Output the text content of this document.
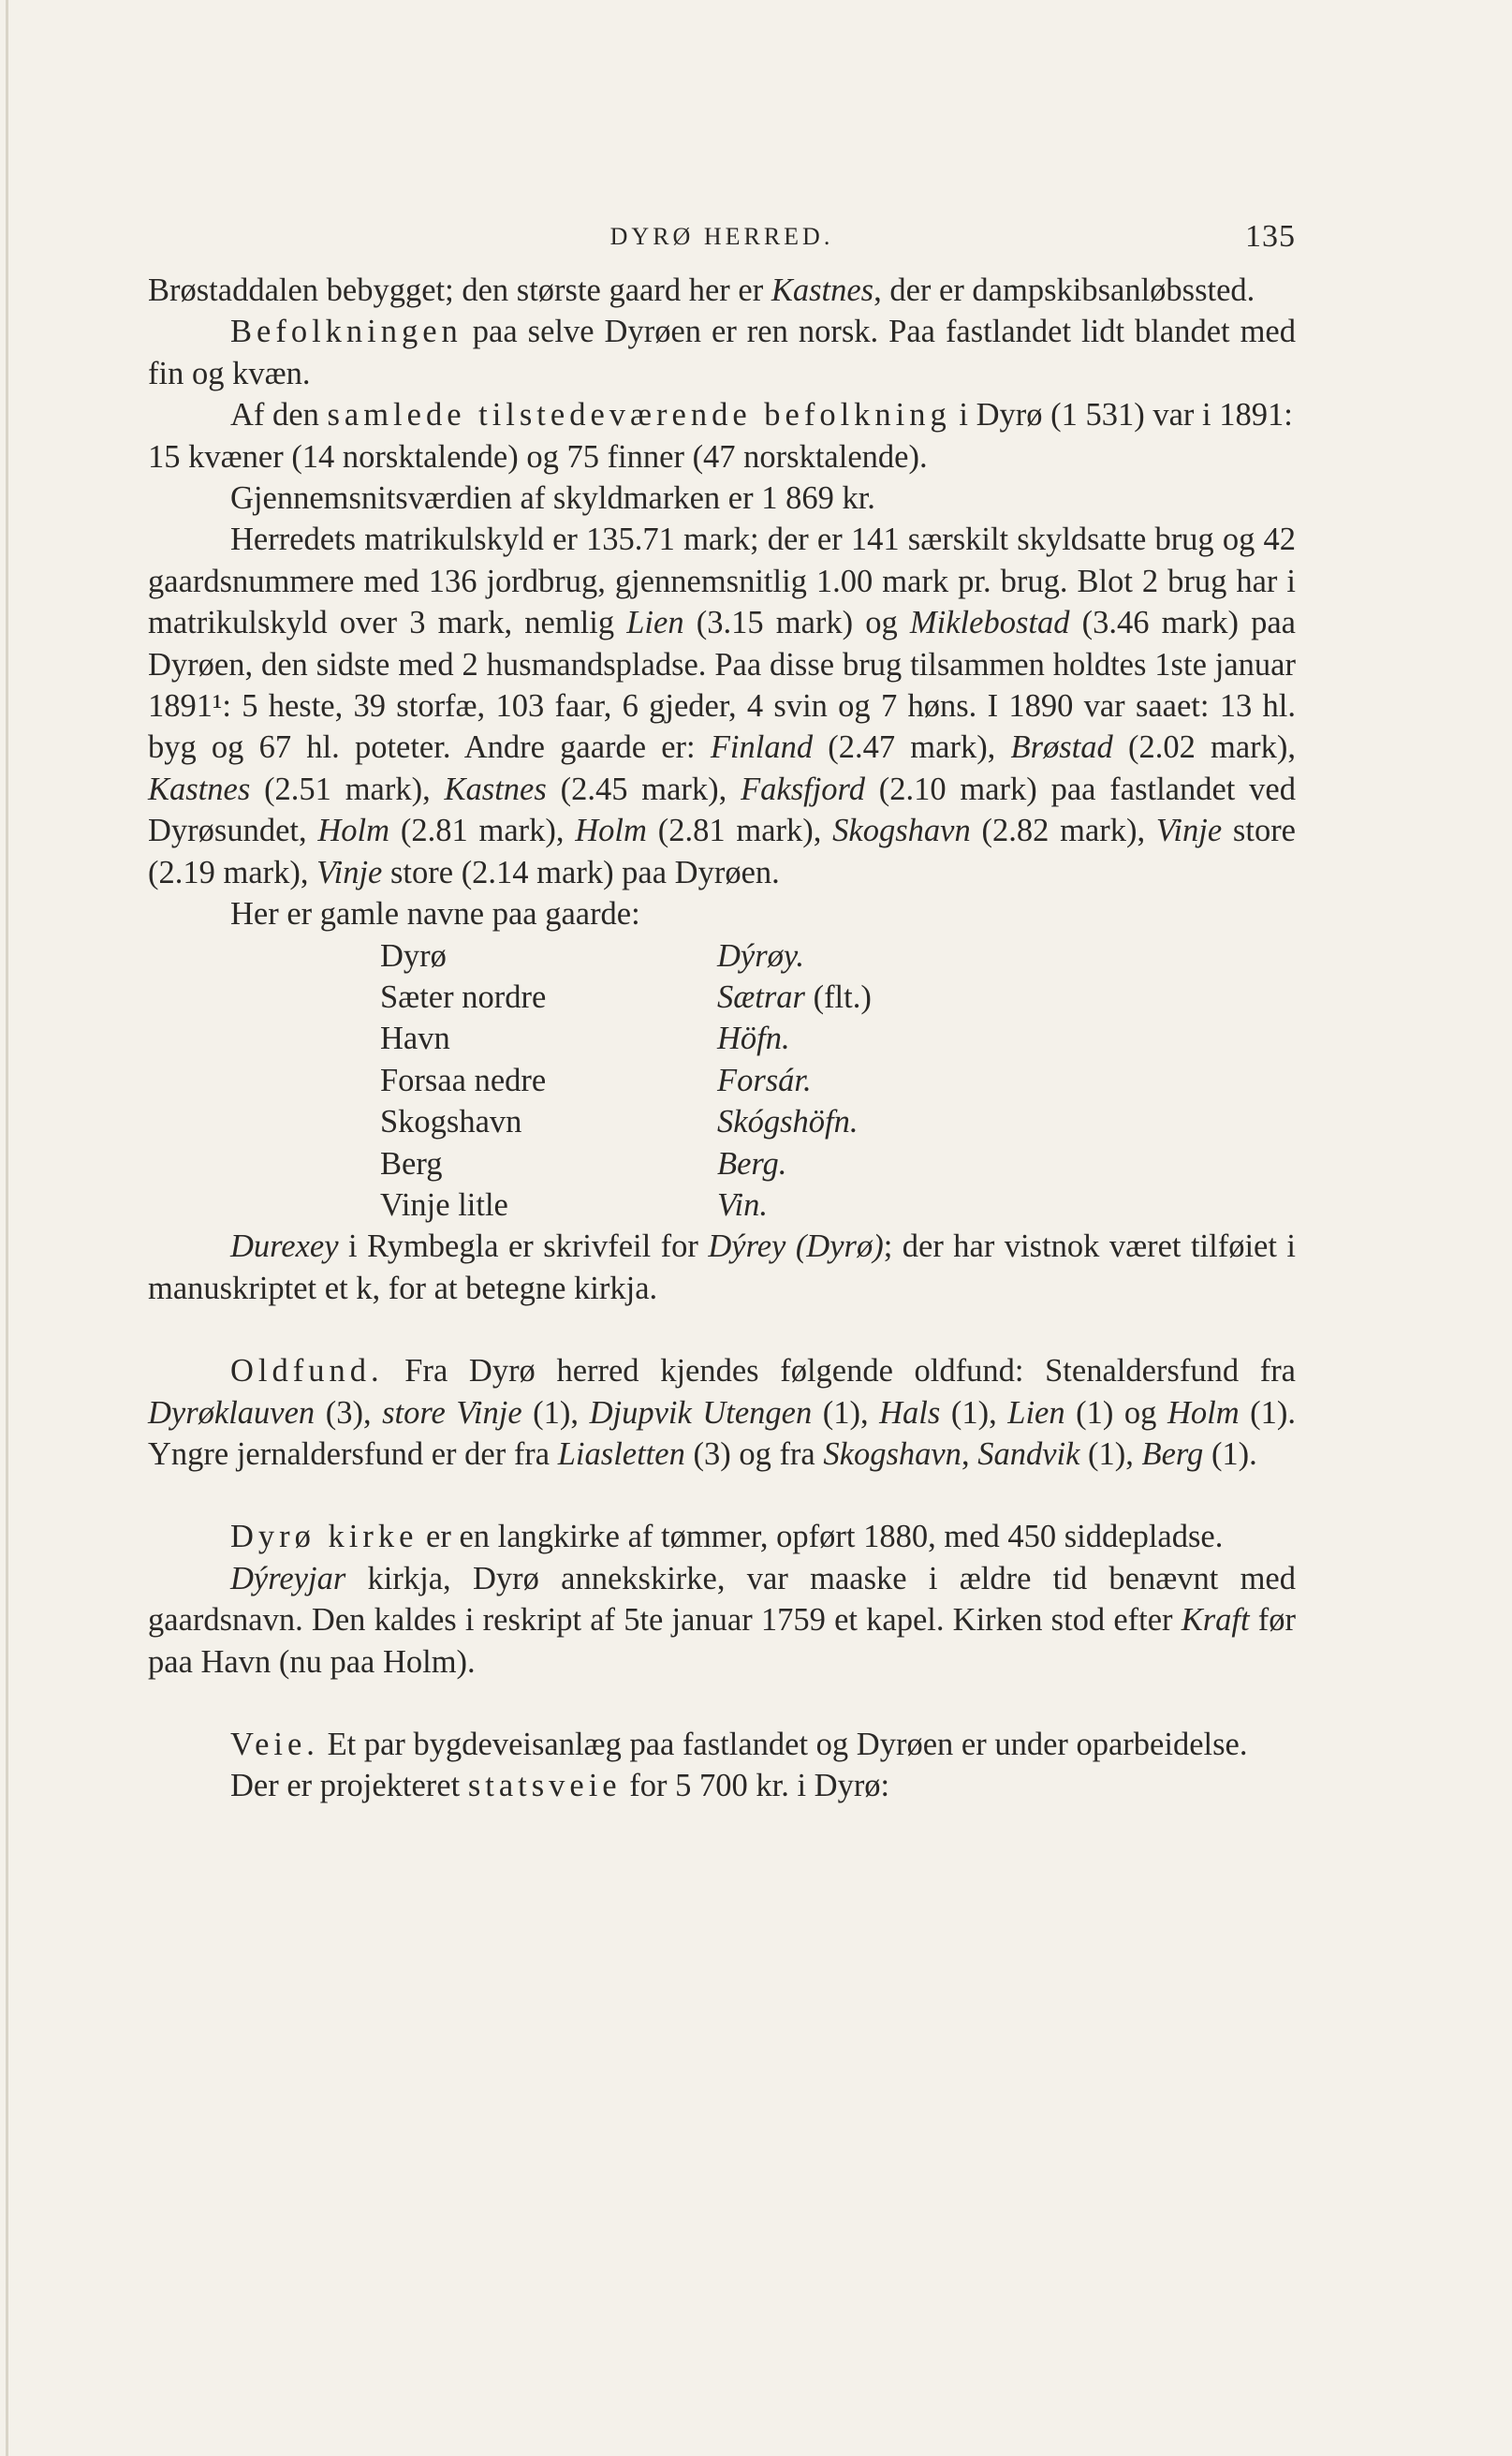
DYRØ HERRED.	135

Brøstaddalen bebygget; den største gaard her er Kastnes, der er dampskibsanløbssted.

Befolkningen paa selve Dyrøen er ren norsk. Paa fastlandet lidt blandet med fin og kvæn.

Af den samlede tilstedeværende befolkning i Dyrø (1 531) var i 1891:

15 kvæner (14 norsktalende) og 75 finner (47 norsktalende).

Gjennemsnitsværdien af skyldmarken er 1 869 kr.

Herredets matrikulskyld er 135.71 mark; der er 141 særskilt skyldsatte brug og 42 gaardsnummere med 136 jordbrug, gjennemsnitlig 1.00 mark pr. brug. Blot 2 brug har i matrikulskyld over 3 mark, nemlig Lien (3.15 mark) og Miklebostad (3.46 mark) paa Dyrøen, den sidste med 2 husmandspladse. Paa disse brug tilsammen holdtes 1ste januar 1891¹: 5 heste, 39 storfæ, 103 faar, 6 gjeder, 4 svin og 7 høns. I 1890 var saaet: 13 hl. byg og 67 hl. poteter. Andre gaarde er: Finland (2.47 mark), Brøstad (2.02 mark), Kastnes (2.51 mark), Kastnes (2.45 mark), Faksfjord (2.10 mark) paa fastlandet ved Dyrøsundet, Holm (2.81 mark), Holm (2.81 mark), Skogshavn (2.82 mark), Vinje store (2.19 mark), Vinje store (2.14 mark) paa Dyrøen.

Her er gamle navne paa gaarde:

Dyrø	Dýrøy.
Sæter nordre	Sætrar (flt.)
Havn	Höfn.
Forsaa nedre	Forsár.
Skogshavn	Skógshöfn.
Berg	Berg.
Vinje litle	Vin.

Durexey i Rymbegla er skrivfeil for Dýrey (Dyrø); der har vistnok været tilføiet i manuskriptet et k, for at betegne kirkja.

Oldfund. Fra Dyrø herred kjendes følgende oldfund: Stenaldersfund fra Dyrøklauven (3), store Vinje (1), Djupvik Utengen (1), Hals (1), Lien (1) og Holm (1). Yngre jernaldersfund er der fra Liasletten (3) og fra Skogshavn, Sandvik (1), Berg (1).

Dyrø kirke er en langkirke af tømmer, opført 1880, med 450 siddepladse.

Dýreyjar kirkja, Dyrø annekskirke, var maaske i ældre tid benævnt med gaardsnavn. Den kaldes i reskript af 5te januar 1759 et kapel. Kirken stod efter Kraft før paa Havn (nu paa Holm).

Veie. Et par bygdeveisanlæg paa fastlandet og Dyrøen er under oparbeidelse.

Der er projekteret statsveie for 5 700 kr. i Dyrø:
